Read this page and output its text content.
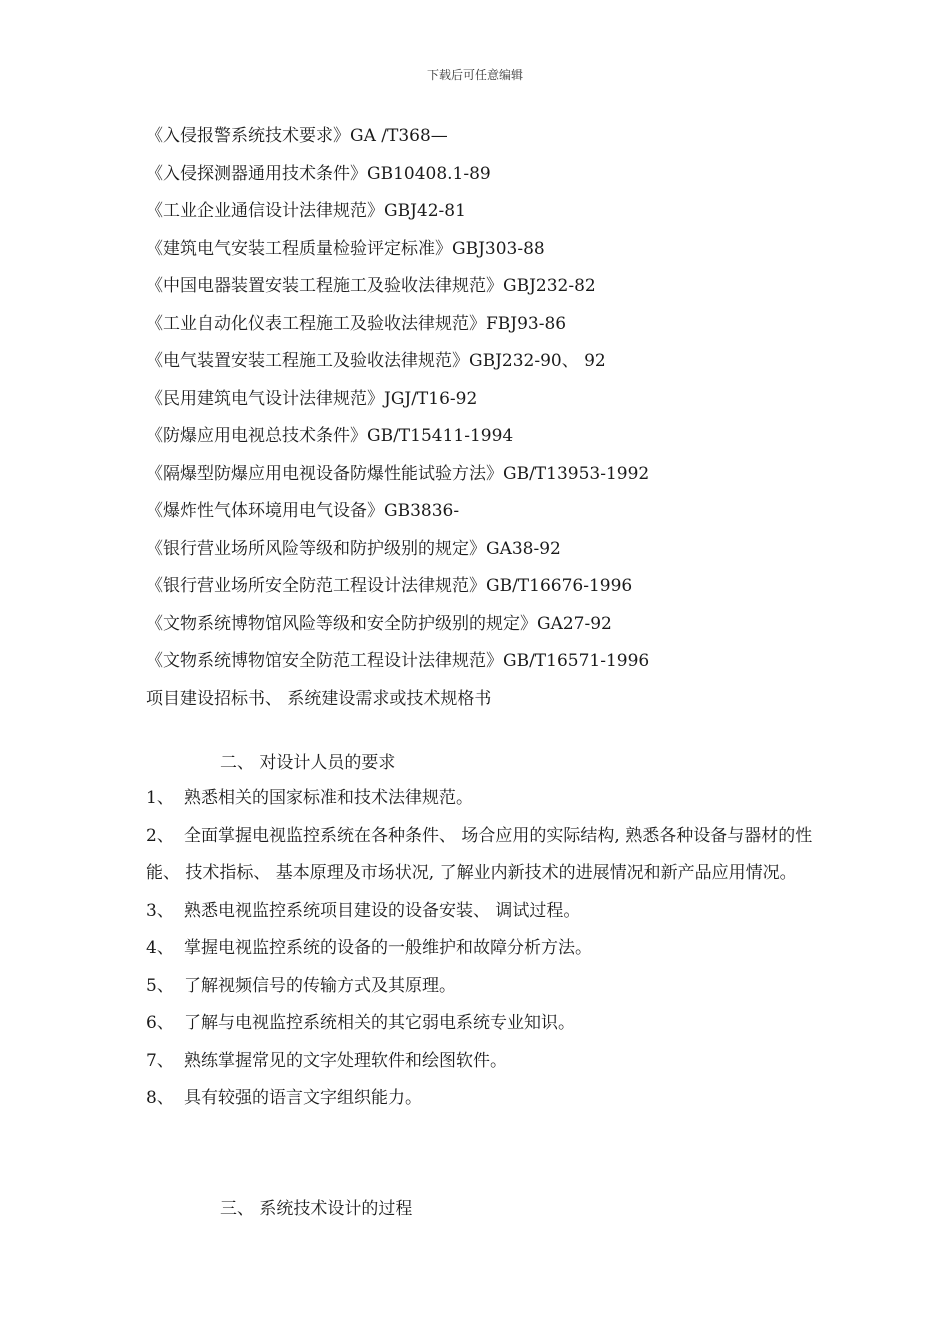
下载后可任意编辑
《入侵报警系统技术要求》GA /T368—
《入侵探测器通用技术条件》GB10408.1-89
《工业企业通信设计法律规范》GBJ42-81
《建筑电气安装工程质量检验评定标准》GBJ303-88
《中国电器装置安装工程施工及验收法律规范》GBJ232-82
《工业自动化仪表工程施工及验收法律规范》FBJ93-86
《电气装置安装工程施工及验收法律规范》GBJ232-90、 92
《民用建筑电气设计法律规范》JGJ/T16-92
《防爆应用电视总技术条件》GB/T15411-1994
《隔爆型防爆应用电视设备防爆性能试验方法》GB/T13953-1992
《爆炸性气体环境用电气设备》GB3836-
《银行营业场所风险等级和防护级别的规定》GA38-92
《银行营业场所安全防范工程设计法律规范》GB/T16676-1996
《文物系统博物馆风险等级和安全防护级别的规定》GA27-92
《文物系统博物馆安全防范工程设计法律规范》GB/T16571-1996
项目建设招标书、 系统建设需求或技术规格书
二、 对设计人员的要求
1、 熟悉相关的国家标准和技术法律规范。
2、 全面掌握电视监控系统在各种条件、 场合应用的实际结构, 熟悉各种设备与器材的性能、 技术指标、 基本原理及市场状况, 了解业内新技术的进展情况和新产品应用情况。
3、 熟悉电视监控系统项目建设的设备安装、 调试过程。
4、 掌握电视监控系统的设备的一般维护和故障分析方法。
5、 了解视频信号的传输方式及其原理。
6、 了解与电视监控系统相关的其它弱电系统专业知识。
7、 熟练掌握常见的文字处理软件和绘图软件。
8、 具有较强的语言文字组织能力。
三、 系统技术设计的过程
